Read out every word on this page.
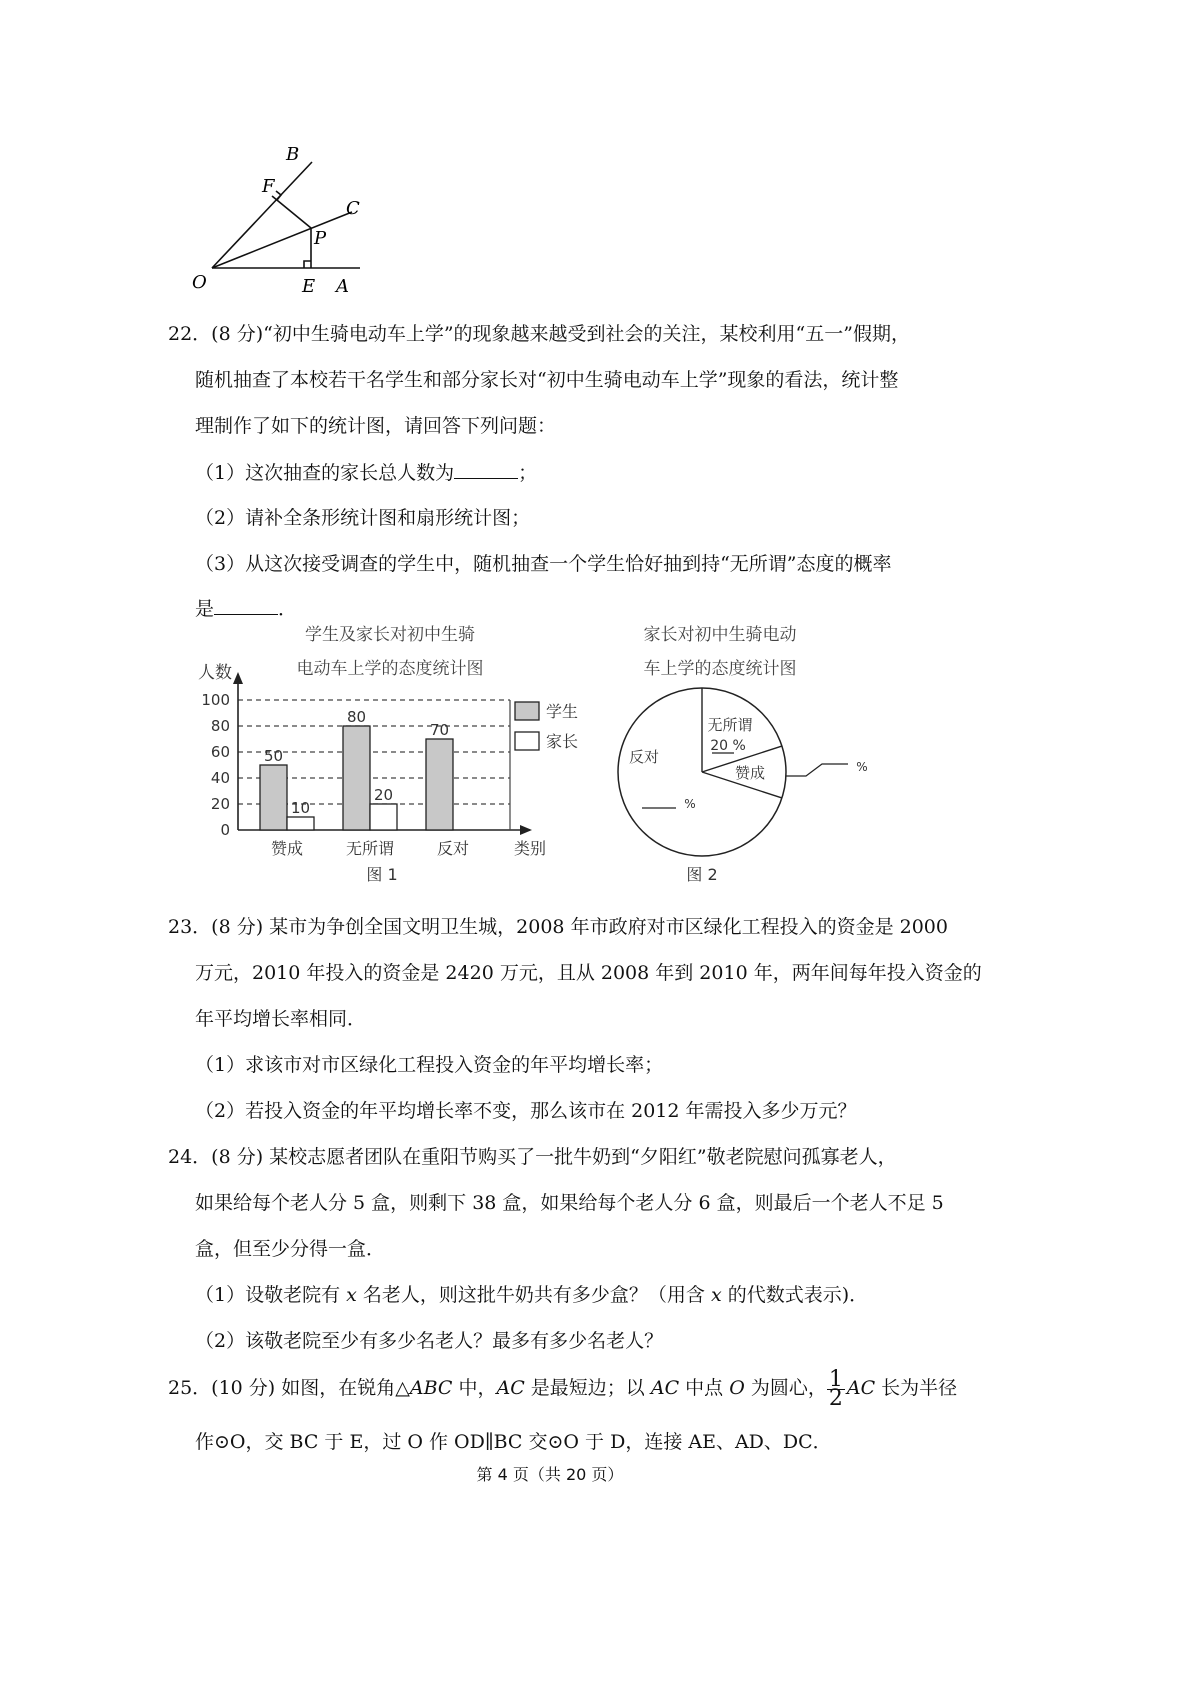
B
F
C
P
O	E A
22．(8 分)“初中生骑电动车上学”的现象越来越受到社会的关注，某校利用“五一”假期，
随机抽查了本校若干名学生和部分家长对“初中生骑电动车上学”现象的看法，统计整
理制作了如下的统计图，请回答下列问题：
（1）这次抽查的家长总人数为	；
（2）请补全条形统计图和扇形统计图；
（3）从这次接受调查的学生中，随机抽查一个学生恰好抽到持“无所谓”态度的概率
是	．
学生及家长对初中生骑
电动车上学的态度统计图
人数
0
20
40
60
80
100
50
10
赞成
80
20
无所谓
70
反对	类别
学生
家长
图 1
家长对初中生骑电动
车上学的态度统计图
无所谓
20 %
赞成	%
反对
%
图 2
23．(8 分) 某市为争创全国文明卫生城，2008 年市政府对市区绿化工程投入的资金是 2000
万元，2010 年投入的资金是 2420 万元，且从 2008 年到 2010 年，两年间每年投入资金的
年平均增长率相同．
（1）求该市对市区绿化工程投入资金的年平均增长率；
（2）若投入资金的年平均增长率不变，那么该市在 2012 年需投入多少万元？
24．(8 分) 某校志愿者团队在重阳节购买了一批牛奶到“夕阳红”敬老院慰问孤寡老人，
如果给每个老人分 5 盒，则剩下 38 盒，如果给每个老人分 6 盒，则最后一个老人不足 5
盒，但至少分得一盒．
（1）设敬老院有 x 名老人，则这批牛奶共有多少盒？（用含 x 的代数式表示)．
（2）该敬老院至少有多少名老人？最多有多少名老人？
25．(10 分) 如图，在锐角△ABC 中，AC 是最短边；以 AC 中点 O 为圆心， $\frac{1}{2}$ AC 长为半径
作⊙O，交 BC 于 E，过 O 作 OD∥BC 交⊙O 于 D，连接 AE、AD、DC．
第 4 页（共 20 页）
